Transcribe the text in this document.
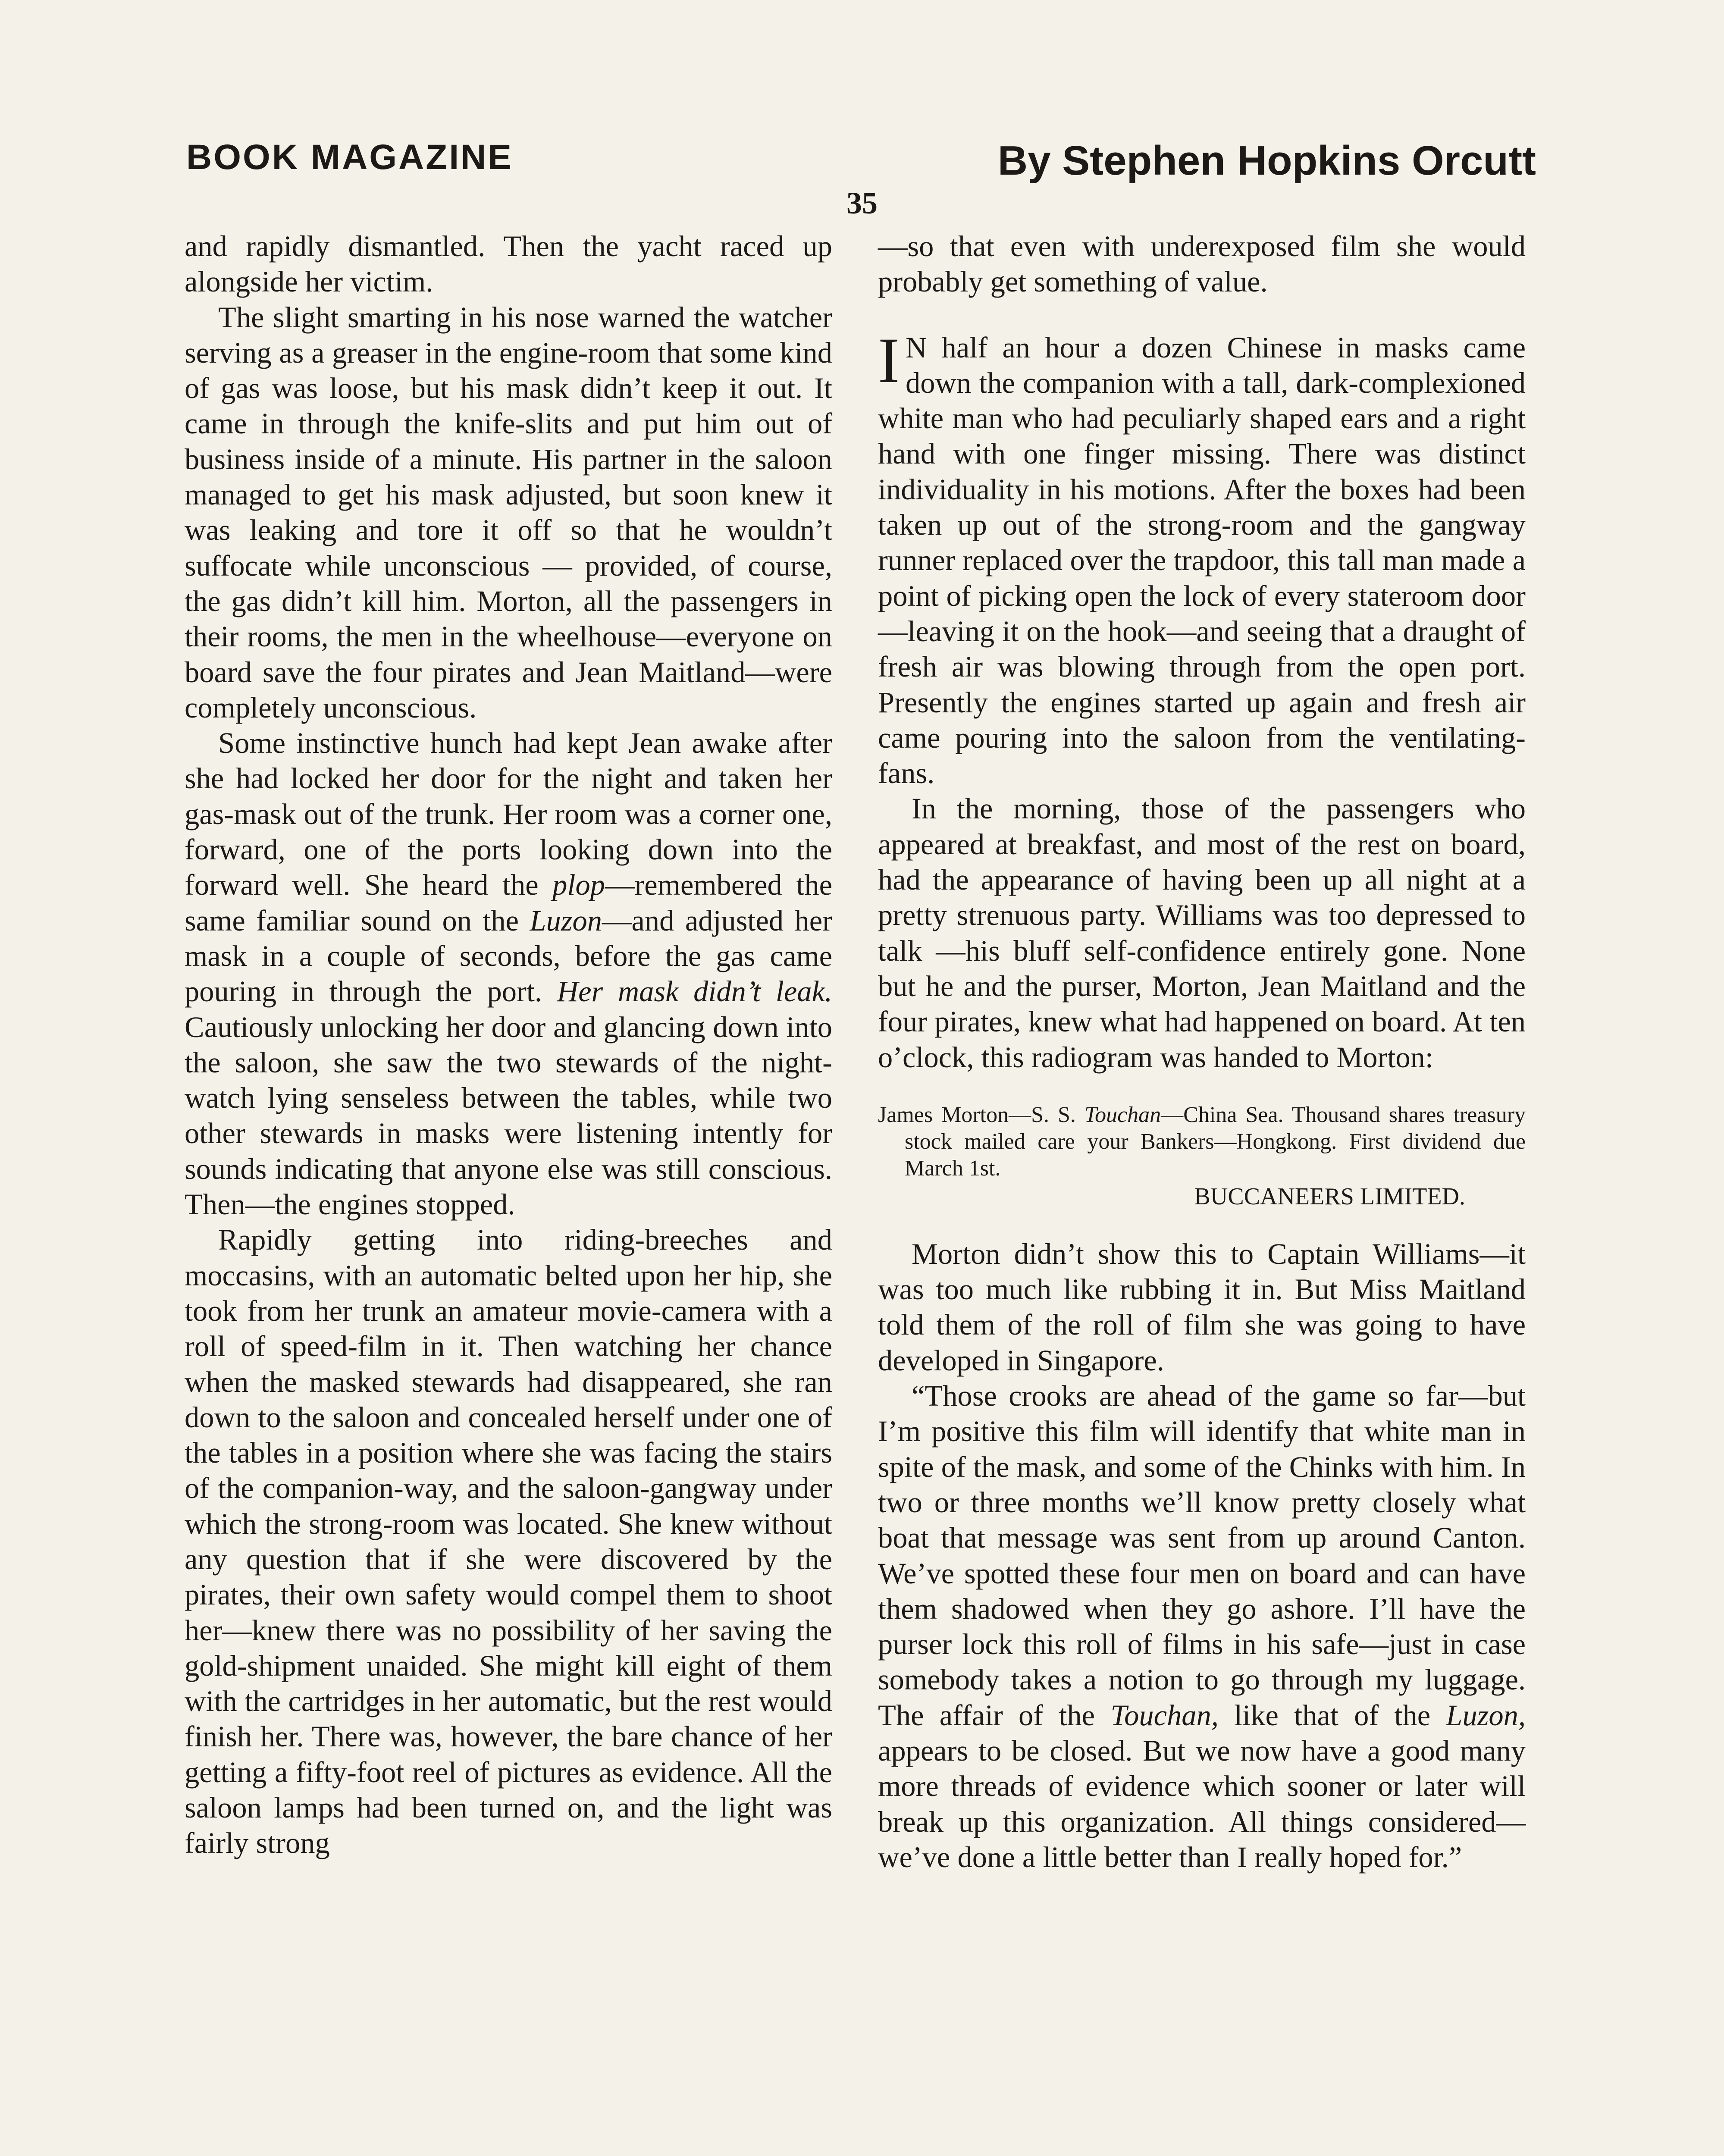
BOOK MAGAZINE	By Stephen Hopkins Orcutt
35

and rapidly dismantled. Then the yacht raced up alongside her victim.

The slight smarting in his nose warned the watcher serving as a greaser in the engine-room that some kind of gas was loose, but his mask didn’t keep it out. It came in through the knife-slits and put him out of business inside of a minute. His partner in the saloon managed to get his mask adjusted, but soon knew it was leaking and tore it off so that he wouldn’t suffocate while unconscious — provided, of course, the gas didn’t kill him. Morton, all the passengers in their rooms, the men in the wheelhouse—everyone on board save the four pirates and Jean Maitland—were completely unconscious.

Some instinctive hunch had kept Jean awake after she had locked her door for the night and taken her gas-mask out of the trunk. Her room was a corner one, forward, one of the ports looking down into the forward well. She heard the plop—remembered the same familiar sound on the Luzon—and adjusted her mask in a couple of seconds, before the gas came pouring in through the port. Her mask didn’t leak. Cautiously unlocking her door and glancing down into the saloon, she saw the two stewards of the night-watch lying senseless between the tables, while two other stewards in masks were listening intently for sounds indicating that anyone else was still conscious. Then—the engines stopped.

Rapidly getting into riding-breeches and moccasins, with an automatic belted upon her hip, she took from her trunk an amateur movie-camera with a roll of speed-film in it. Then watching her chance when the masked stewards had disappeared, she ran down to the saloon and concealed herself under one of the tables in a position where she was facing the stairs of the companion-way, and the saloon-gangway under which the strong-room was located. She knew without any question that if she were discovered by the pirates, their own safety would compel them to shoot her—knew there was no possibility of her saving the gold-shipment unaided. She might kill eight of them with the cartridges in her automatic, but the rest would finish her. There was, however, the bare chance of her getting a fifty-foot reel of pictures as evidence. All the saloon lamps had been turned on, and the light was fairly strong

—so that even with underexposed film she would probably get something of value.

I N half an hour a dozen Chinese in masks came down the companion with a tall, dark-complexioned white man who had peculiarly shaped ears and a right hand with one finger missing. There was distinct individuality in his motions. After the boxes had been taken up out of the strong-room and the gangway runner replaced over the trapdoor, this tall man made a point of picking open the lock of every stateroom door—leaving it on the hook—and seeing that a draught of fresh air was blowing through from the open port. Presently the engines started up again and fresh air came pouring into the saloon from the ventilating-fans.

In the morning, those of the passengers who appeared at breakfast, and most of the rest on board, had the appearance of having been up all night at a pretty strenuous party. Williams was too depressed to talk —his bluff self-confidence entirely gone. None but he and the purser, Morton, Jean Maitland and the four pirates, knew what had happened on board. At ten o’clock, this radiogram was handed to Morton:

James Morton—S. S. Touchan—China Sea. Thousand shares treasury stock mailed care your Bankers—Hongkong. First dividend due March 1st.
BUCCANEERS LIMITED.

Morton didn’t show this to Captain Williams—it was too much like rubbing it in. But Miss Maitland told them of the roll of film she was going to have developed in Singapore.

“Those crooks are ahead of the game so far—but I’m positive this film will identify that white man in spite of the mask, and some of the Chinks with him. In two or three months we’ll know pretty closely what boat that message was sent from up around Canton. We’ve spotted these four men on board and can have them shadowed when they go ashore. I’ll have the purser lock this roll of films in his safe—just in case somebody takes a notion to go through my luggage. The affair of the Touchan, like that of the Luzon, appears to be closed. But we now have a good many more threads of evidence which sooner or later will break up this organization. All things considered—we’ve done a little better than I really hoped for.”
